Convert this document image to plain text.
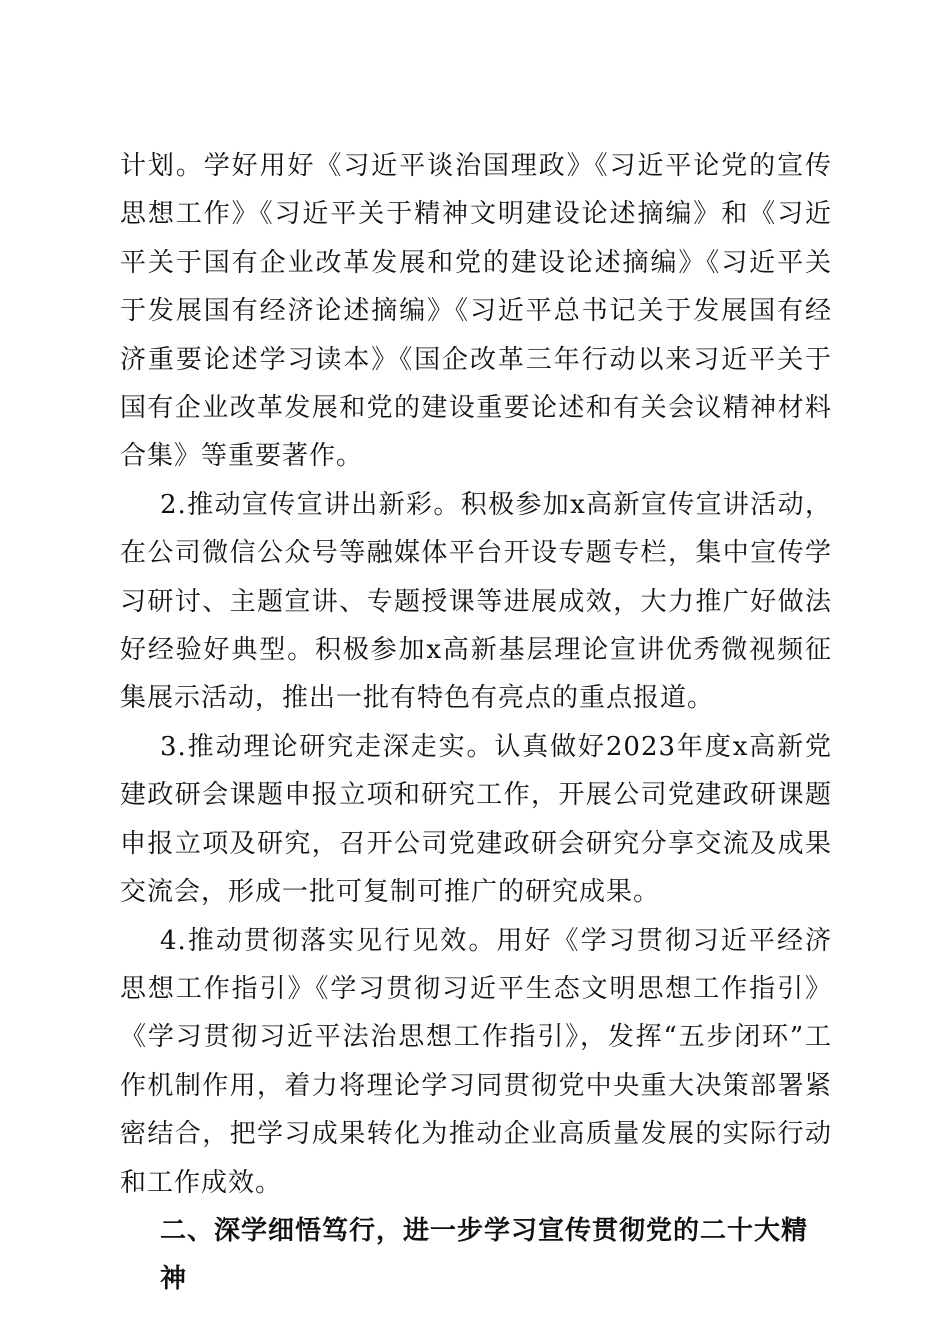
计划。学好用好《习近平谈治国理政》《习近平论党的宣传思想工作》《习近平关于精神文明建设论述摘编》和《习近平关于国有企业改革发展和党的建设论述摘编》《习近平关于发展国有经济论述摘编》《习近平总书记关于发展国有经济重要论述学习读本》《国企改革三年行动以来习近平关于国有企业改革发展和党的建设重要论述和有关会议精神材料合集》等重要著作。

2.推动宣传宣讲出新彩。积极参加x高新宣传宣讲活动，在公司微信公众号等融媒体平台开设专题专栏，集中宣传学习研讨、主题宣讲、专题授课等进展成效，大力推广好做法好经验好典型。积极参加x高新基层理论宣讲优秀微视频征集展示活动，推出一批有特色有亮点的重点报道。

3.推动理论研究走深走实。认真做好2023年度x高新党建政研会课题申报立项和研究工作，开展公司党建政研课题申报立项及研究，召开公司党建政研会研究分享交流及成果交流会，形成一批可复制可推广的研究成果。

4.推动贯彻落实见行见效。用好《学习贯彻习近平经济思想工作指引》《学习贯彻习近平生态文明思想工作指引》《学习贯彻习近平法治思想工作指引》，发挥“五步闭环”工作机制作用，着力将理论学习同贯彻党中央重大决策部署紧密结合，把学习成果转化为推动企业高质量发展的实际行动和工作成效。

二、深学细悟笃行，进一步学习宣传贯彻党的二十大精神
